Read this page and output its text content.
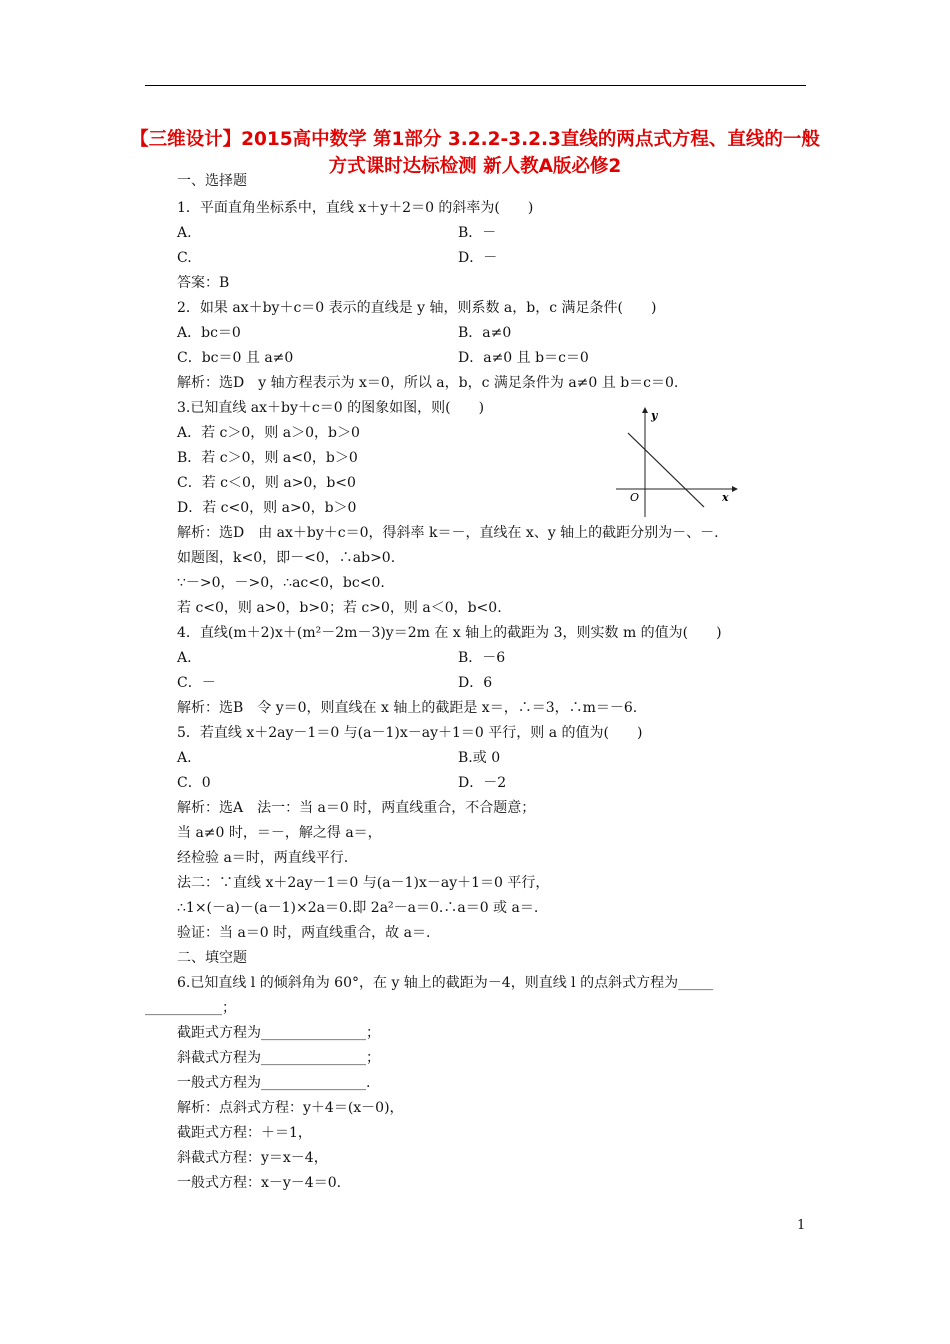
【三维设计】2015高中数学 第1部分 3.2.2-3.2.3直线的两点式方程、直线的一般方式课时达标检测 新人教A版必修2
一、选择题
1．平面直角坐标系中，直线 x＋y＋2＝0 的斜率为(　　)
A.	B．－
C.	D．－
答案：B
2．如果 ax＋by＋c＝0 表示的直线是 y 轴，则系数 a，b，c 满足条件(　　)
A．bc＝0	B．a≠0
C．bc＝0 且 a≠0	D．a≠0 且 b＝c＝0
解析：选D　y 轴方程表示为 x＝0，所以 a，b，c 满足条件为 a≠0 且 b＝c＝0.
3.已知直线 ax＋by＋c＝0 的图象如图，则(　　)
A．若 c＞0，则 a＞0，b＞0
B．若 c＞0，则 a<0，b＞0
C．若 c＜0，则 a>0，b<0
D．若 c<0，则 a>0，b＞0
y
x
O
解析：选D　由 ax＋by＋c＝0，得斜率 k＝－，直线在 x、y 轴上的截距分别为－、－.
如题图，k<0，即－<0，∴ab>0.
∵－>0，－>0，∴ac<0，bc<0.
若 c<0，则 a>0，b>0；若 c>0，则 a＜0，b<0.
4．直线(m＋2)x＋(m²－2m－3)y＝2m 在 x 轴上的截距为 3，则实数 m 的值为(　　)
A.	B．－6
C．－	D．6
解析：选B　令 y＝0，则直线在 x 轴上的截距是 x＝，∴＝3，∴m＝－6.
5．若直线 x＋2ay－1＝0 与(a－1)x－ay＋1＝0 平行，则 a 的值为(　　)
A.	B.或 0
C．0	D．－2
解析：选A　法一：当 a＝0 时，两直线重合，不合题意；
当 a≠0 时，＝－，解之得 a＝，
经检验 a＝时，两直线平行.
法二：∵直线 x＋2ay－1＝0 与(a－1)x－ay＋1＝0 平行，
∴1×(－a)－(a－1)×2a＝0.即 2a²－a＝0.∴a＝0 或 a＝.
验证：当 a＝0 时，两直线重合，故 a＝.
二、填空题
6.已知直线 l 的倾斜角为 60°，在 y 轴上的截距为－4，则直线 l 的点斜式方程为_____
___________；
截距式方程为_______________；
斜截式方程为_______________；
一般式方程为_______________.
解析：点斜式方程：y＋4＝(x－0)，
截距式方程：＋＝1，
斜截式方程：y＝x－4，
一般式方程：x－y－4＝0.
1
